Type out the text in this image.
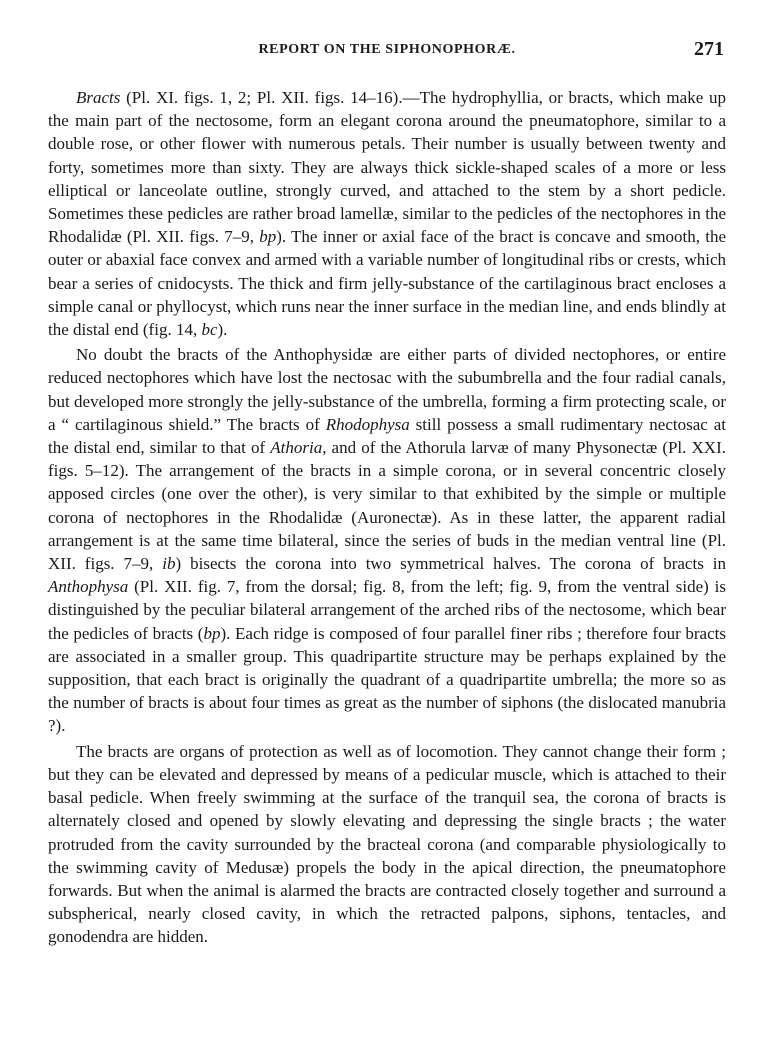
REPORT ON THE SIPHONOPHORÆ.	271

Bracts (Pl. XI. figs. 1, 2; Pl. XII. figs. 14–16).—The hydrophyllia, or bracts, which make up the main part of the nectosome, form an elegant corona around the pneumatophore, similar to a double rose, or other flower with numerous petals. Their number is usually between twenty and forty, sometimes more than sixty. They are always thick sickle-shaped scales of a more or less elliptical or lanceolate outline, strongly curved, and attached to the stem by a short pedicle. Sometimes these pedicles are rather broad lamellæ, similar to the pedicles of the nectophores in the Rhodalidæ (Pl. XII. figs. 7–9, bp). The inner or axial face of the bract is concave and smooth, the outer or abaxial face convex and armed with a variable number of longitudinal ribs or crests, which bear a series of cnidocysts. The thick and firm jelly-substance of the cartilaginous bract encloses a simple canal or phyllocyst, which runs near the inner surface in the median line, and ends blindly at the distal end (fig. 14, bc).

No doubt the bracts of the Anthophysidæ are either parts of divided nectophores, or entire reduced nectophores which have lost the nectosac with the subumbrella and the four radial canals, but developed more strongly the jelly-substance of the umbrella, forming a firm protecting scale, or a “ cartilaginous shield.” The bracts of Rhodophysa still possess a small rudimentary nectosac at the distal end, similar to that of Athoria, and of the Athorula larvæ of many Physonectæ (Pl. XXI. figs. 5–12). The arrangement of the bracts in a simple corona, or in several concentric closely apposed circles (one over the other), is very similar to that exhibited by the simple or multiple corona of nectophores in the Rhodalidæ (Auronectæ). As in these latter, the apparent radial arrangement is at the same time bilateral, since the series of buds in the median ventral line (Pl. XII. figs. 7–9, ib) bisects the corona into two symmetrical halves. The corona of bracts in Anthophysa (Pl. XII. fig. 7, from the dorsal; fig. 8, from the left; fig. 9, from the ventral side) is distinguished by the peculiar bilateral arrangement of the arched ribs of the nectosome, which bear the pedicles of bracts (bp). Each ridge is composed of four parallel finer ribs ; therefore four bracts are associated in a smaller group. This quadripartite structure may be perhaps explained by the supposition, that each bract is originally the quadrant of a quadripartite umbrella; the more so as the number of bracts is about four times as great as the number of siphons (the dislocated manubria ?).

The bracts are organs of protection as well as of locomotion. They cannot change their form ; but they can be elevated and depressed by means of a pedicular muscle, which is attached to their basal pedicle. When freely swimming at the surface of the tranquil sea, the corona of bracts is alternately closed and opened by slowly elevating and depressing the single bracts ; the water protruded from the cavity surrounded by the bracteal corona (and comparable physiologically to the swimming cavity of Medusæ) propels the body in the apical direction, the pneumatophore forwards. But when the animal is alarmed the bracts are contracted closely together and surround a subspherical, nearly closed cavity, in which the retracted palpons, siphons, tentacles, and gonodendra are hidden.
